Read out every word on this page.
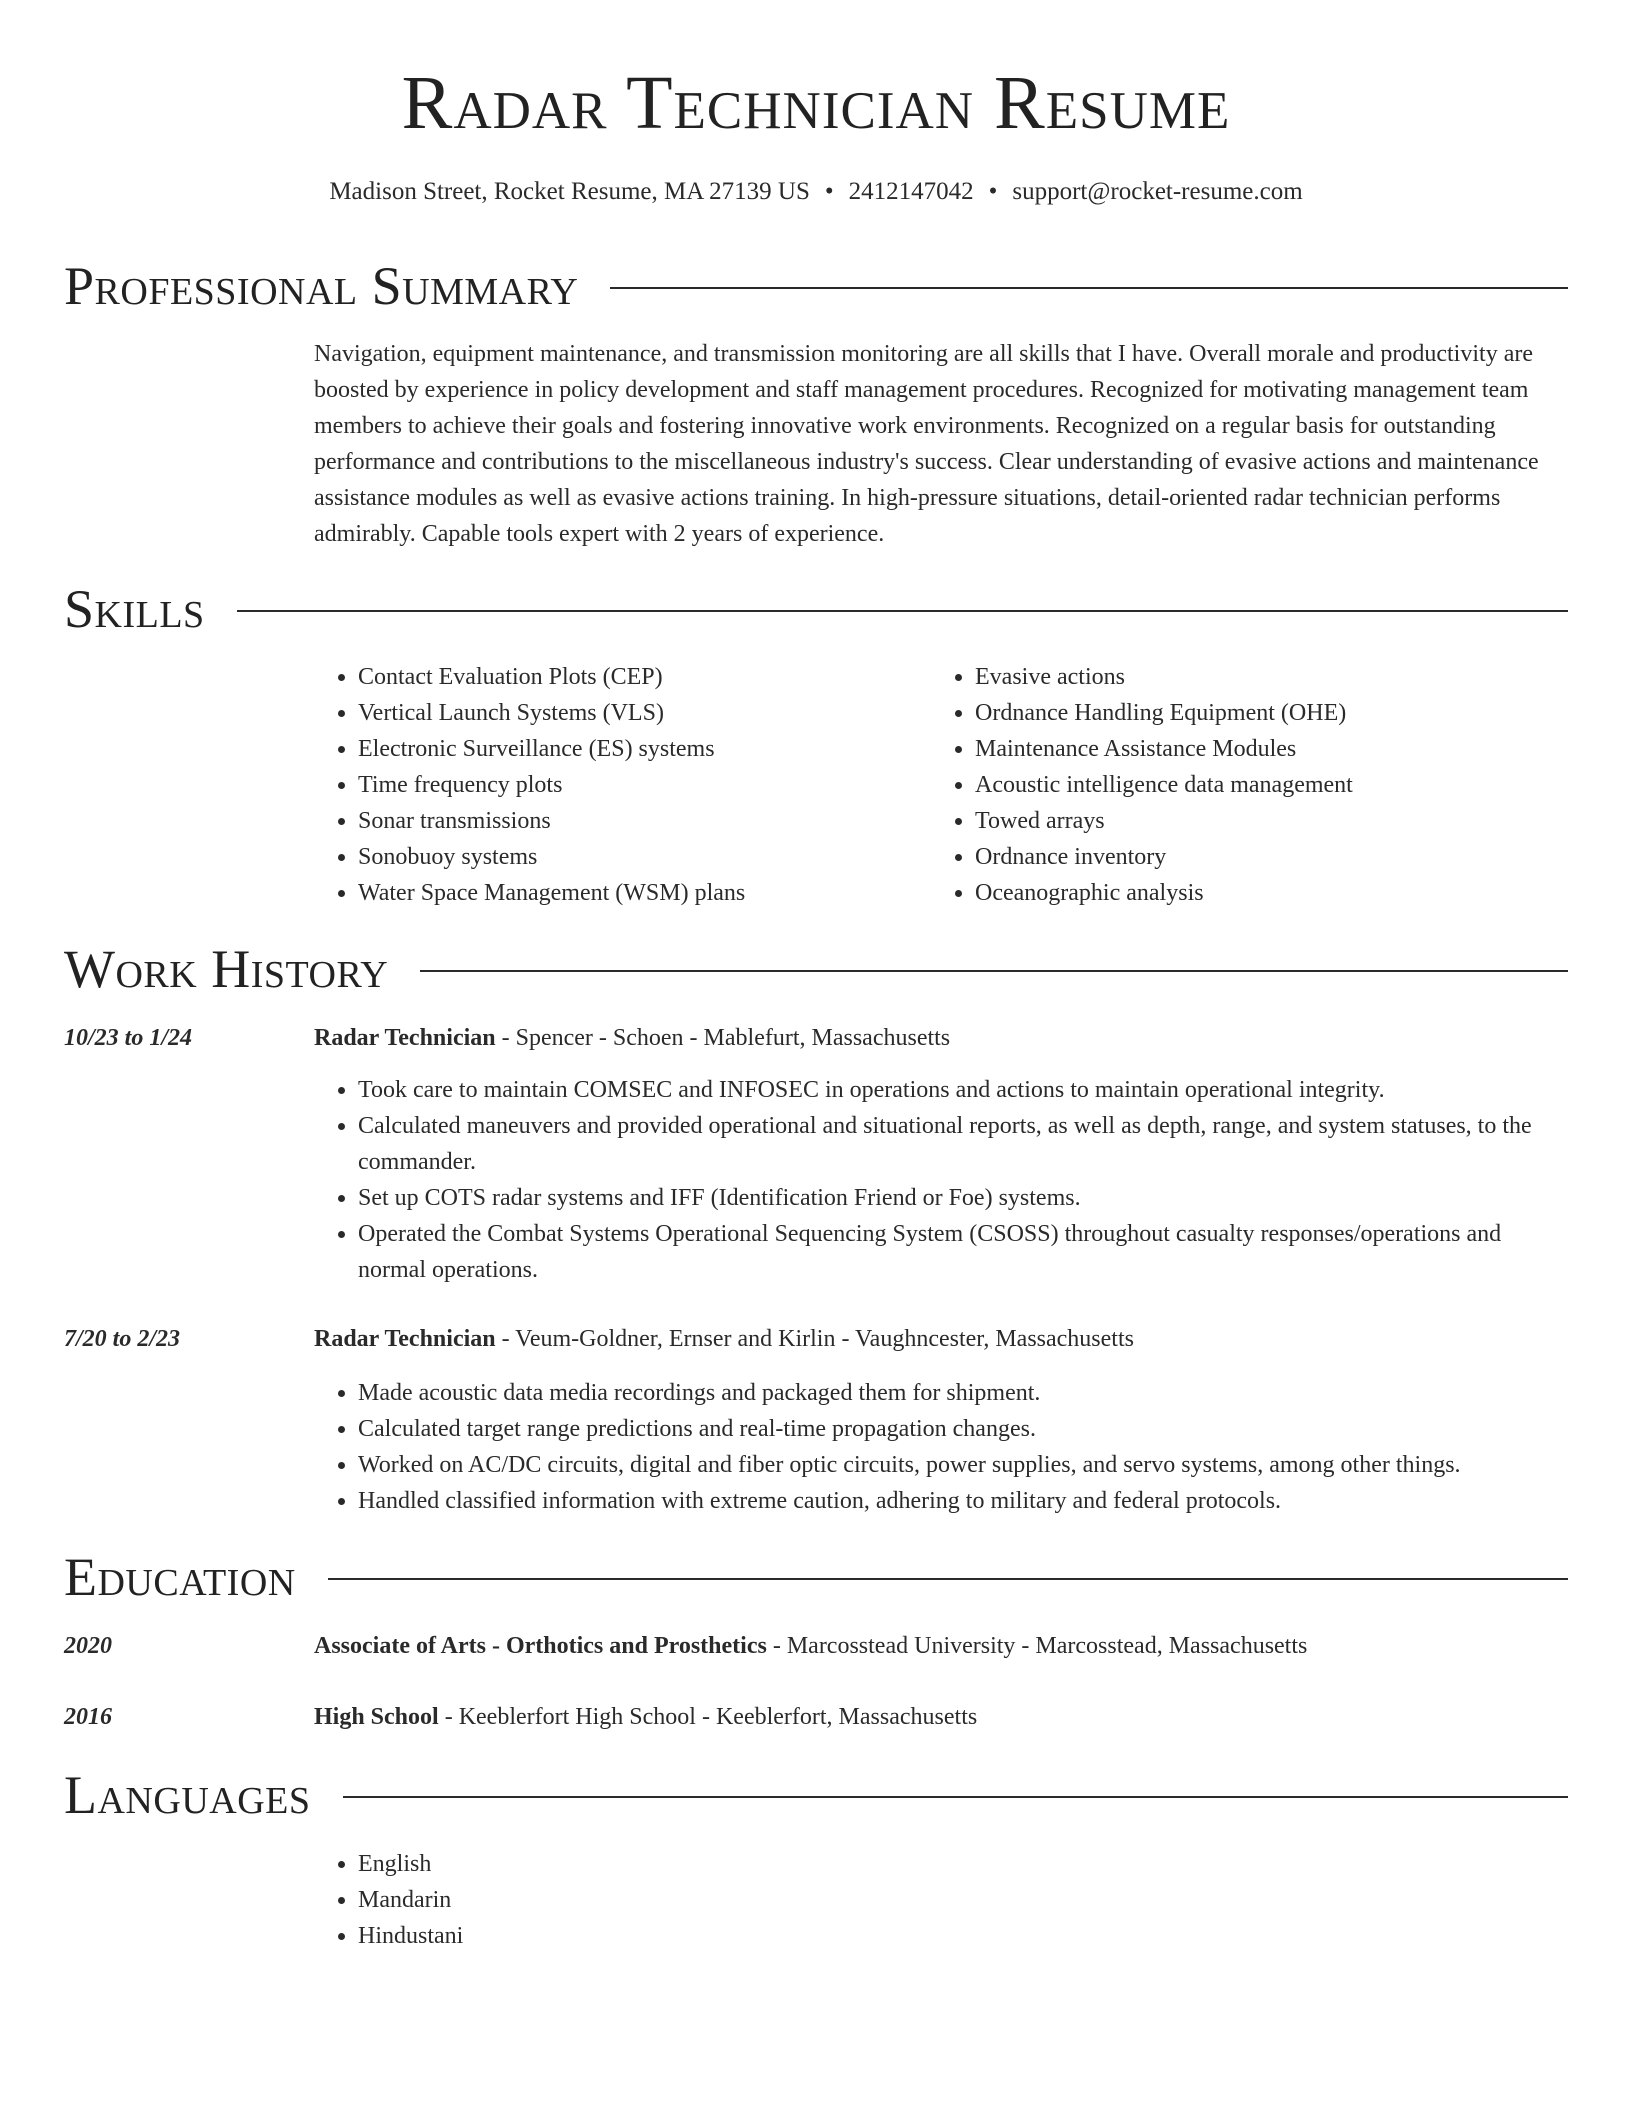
Radar Technician Resume
Madison Street, Rocket Resume, MA 27139 US • 2412147042 • support@rocket-resume.com
Professional Summary

Navigation, equipment maintenance, and transmission monitoring are all skills that I have. Overall morale and productivity are boosted by experience in policy development and staff management procedures. Recognized for motivating management team members to achieve their goals and fostering innovative work environments. Recognized on a regular basis for outstanding performance and contributions to the miscellaneous industry's success. Clear understanding of evasive actions and maintenance assistance modules as well as evasive actions training. In high-pressure situations, detail-oriented radar technician performs admirably. Capable tools expert with 2 years of experience.

Skills
• Contact Evaluation Plots (CEP)
• Vertical Launch Systems (VLS)
• Electronic Surveillance (ES) systems
• Time frequency plots
• Sonar transmissions
• Sonobuoy systems
• Water Space Management (WSM) plans
• Evasive actions
• Ordnance Handling Equipment (OHE)
• Maintenance Assistance Modules
• Acoustic intelligence data management
• Towed arrays
• Ordnance inventory
• Oceanographic analysis
Work History
10/23 to 1/24	Radar Technician - Spencer - Schoen - Mablefurt, Massachusetts
• Took care to maintain COMSEC and INFOSEC in operations and actions to maintain operational integrity.
• Calculated maneuvers and provided operational and situational reports, as well as depth, range, and system statuses, to the commander.
• Set up COTS radar systems and IFF (Identification Friend or Foe) systems.
• Operated the Combat Systems Operational Sequencing System (CSOSS) throughout casualty responses/operations and normal operations.
7/20 to 2/23	Radar Technician - Veum-Goldner, Ernser and Kirlin - Vaughncester, Massachusetts
• Made acoustic data media recordings and packaged them for shipment.
• Calculated target range predictions and real-time propagation changes.
• Worked on AC/DC circuits, digital and fiber optic circuits, power supplies, and servo systems, among other things.
• Handled classified information with extreme caution, adhering to military and federal protocols.
Education
2020	Associate of Arts - Orthotics and Prosthetics - Marcosstead University - Marcosstead, Massachusetts
2016	High School - Keeblerfort High School - Keeblerfort, Massachusetts
Languages
• English
• Mandarin
• Hindustani
